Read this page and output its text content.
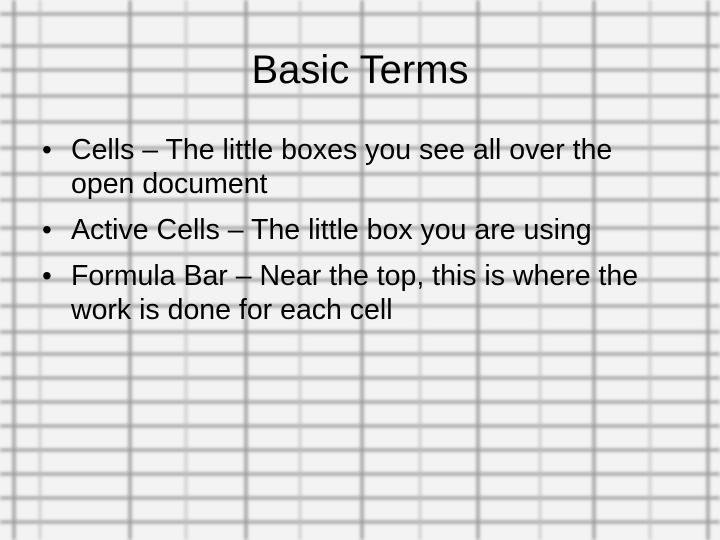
Basic Terms
• Cells – The little boxes you see all over the open document
• Active Cells – The little box you are using
• Formula Bar – Near the top, this is where the work is done for each cell
